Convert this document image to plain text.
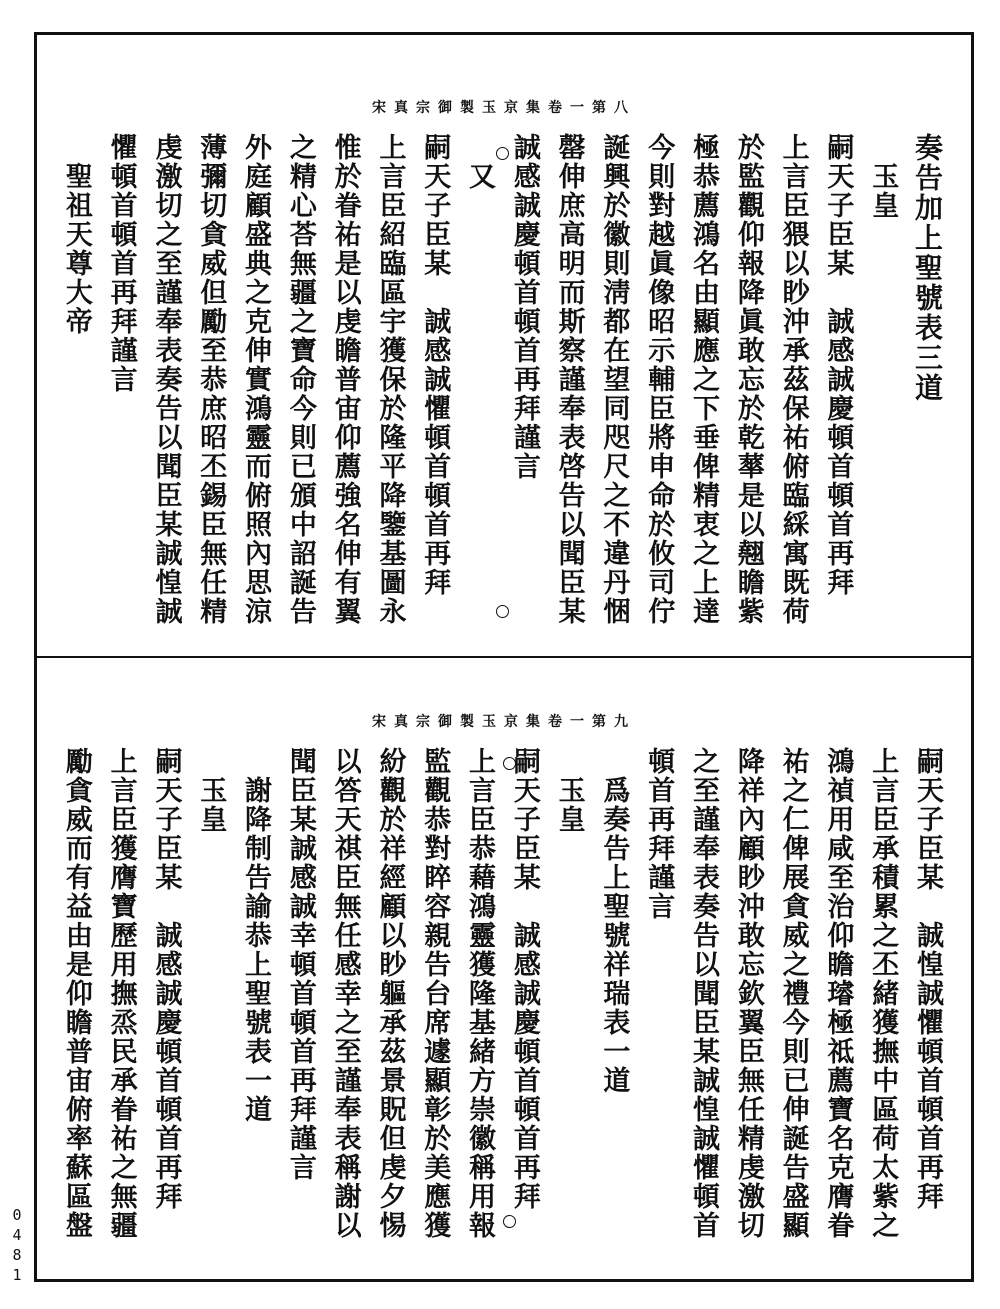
宋真宗御製玉京集卷一第八
奏告加上聖號表三道
　玉皇
嗣天子臣某　誠感誠慶頓首頓首再拜
上言臣猥以眇沖承茲保祐俯臨綵寓既荷
於監觀仰報降眞敢忘於乾蕐是以翹瞻紫
極恭薦鴻名由顯應之下垂俾精衷之上達
今則對越眞像昭示輔臣將申命於攸司佇
誕興於徽則淸都在望同咫尺之不違丹悃
罄伸庶高明而斯察謹奉表啓告以聞臣某
誠感誠慶頓首頓首再拜謹言
　又
嗣天子臣某　誠感誠懼頓首頓首再拜
上言臣紹臨區宇獲保於隆平降鑒基圖永
惟於眷祐是以虔瞻普宙仰薦強名伸有翼
之精心荅無疆之寶命今則已頒中詔誕告
外庭顧盛典之克伸實鴻靈而俯照內思涼
薄彌切貪威但勵至恭庶昭丕錫臣無任精
虔激切之至謹奉表奏告以聞臣某誠惶誠
懼頓首頓首再拜謹言
　聖祖天尊大帝
宋真宗御製玉京集卷一第九
嗣天子臣某　誠惶誠懼頓首頓首再拜
上言臣承積累之丕緒獲撫中區荷太紫之
鴻禎用咸至治仰瞻璿極祗薦寶名克膺眷
祐之仁俾展貪威之禮今則已伸誕告盛顯
降祥內顧眇沖敢忘欽翼臣無任精虔激切
之至謹奉表奏告以聞臣某誠惶誠懼頓首
頓首再拜謹言
　爲奏告上聖號祥瑞表一道
　玉皇
嗣天子臣某　誠感誠慶頓首頓首再拜
上言臣恭藉鴻靈獲隆基緒方崇徽稱用報
監觀恭對睟容親告台席遽顯彰於美應獲
紛觀於祥經顧以眇軀承茲景貺但虔夕惕
以答天祺臣無任感幸之至謹奉表稱謝以
聞臣某誠感誠幸頓首頓首再拜謹言
　謝降制告諭恭上聖號表一道
　玉皇
嗣天子臣某　誠感誠慶頓首頓首再拜
上言臣獲膺寶歷用撫烝民承眷祐之無疆
勵貪威而有益由是仰瞻普宙俯率蘇區盤
0481
